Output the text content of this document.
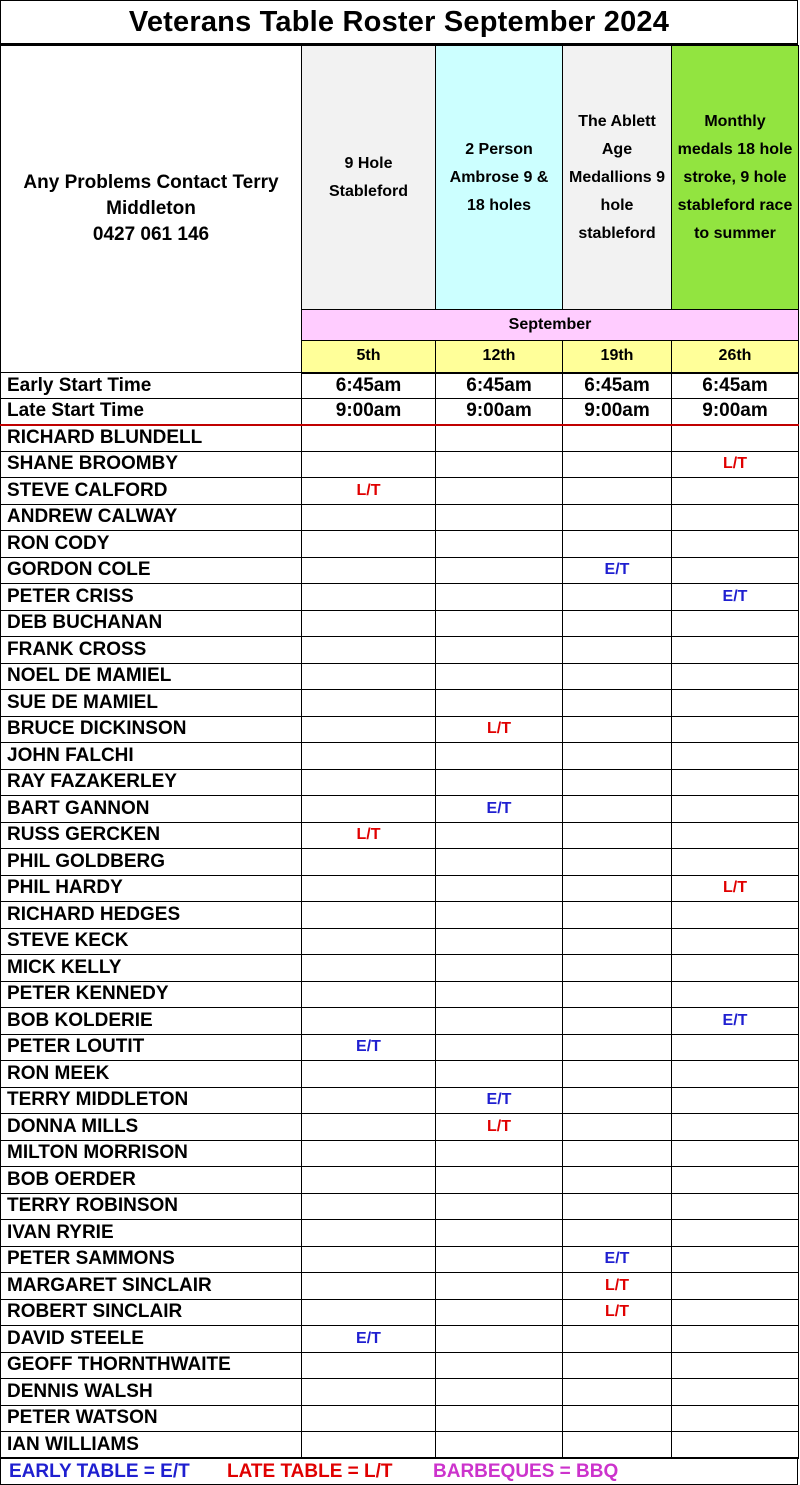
Veterans Table Roster September 2024
Any Problems Contact Terry
Middleton
0427 061 146	9 Hole Stableford	2 Person Ambrose 9 & 18 holes	The Ablett Age Medallions 9 hole stableford	Monthly medals 18 hole stroke, 9 hole stableford race to summer
	September			
	5th	12th	19th	26th
Early Start Time	6:45am	6:45am	6:45am	6:45am
Late Start Time	9:00am	9:00am	9:00am	9:00am
RICHARD BLUNDELL				
SHANE BROOMBY				L/T
STEVE CALFORD	L/T			
ANDREW CALWAY				
RON CODY				
GORDON COLE			E/T	
PETER CRISS				E/T
DEB BUCHANAN				
FRANK CROSS				
NOEL DE MAMIEL				
SUE DE MAMIEL				
BRUCE DICKINSON		L/T		
JOHN FALCHI				
RAY FAZAKERLEY				
BART GANNON		E/T		
RUSS GERCKEN	L/T			
PHIL GOLDBERG				
PHIL HARDY				L/T
RICHARD HEDGES				
STEVE KECK				
MICK KELLY				
PETER KENNEDY				
BOB KOLDERIE				E/T
PETER LOUTIT	E/T			
RON MEEK				
TERRY MIDDLETON		E/T		
DONNA MILLS		L/T		
MILTON MORRISON				
BOB OERDER				
TERRY ROBINSON				
IVAN RYRIE				
PETER SAMMONS			E/T	
MARGARET SINCLAIR			L/T	
ROBERT SINCLAIR			L/T	
DAVID STEELE	E/T			
GEOFF THORNTHWAITE				
DENNIS WALSH				
PETER WATSON				
IAN WILLIAMS				
EARLY TABLE = E/T	LATE TABLE = L/T	BARBEQUES = BBQ
